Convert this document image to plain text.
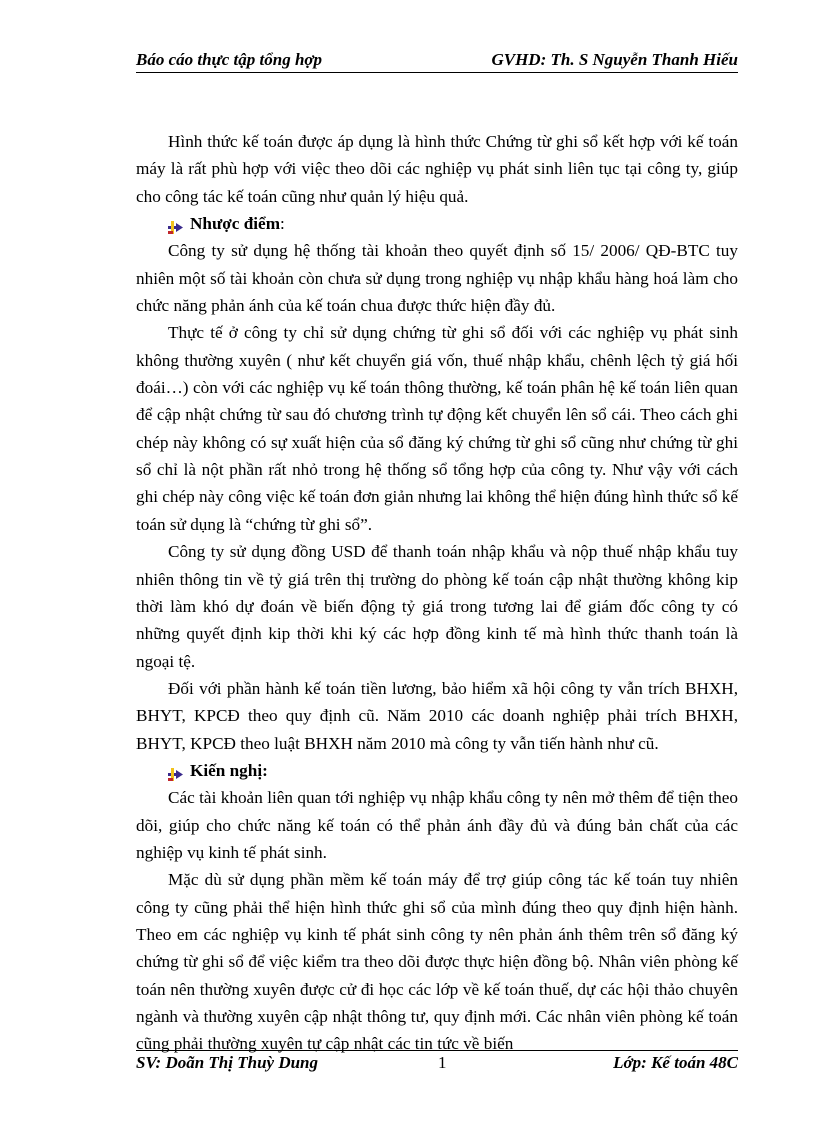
Báo cáo thực tập tổng hợp	GVHD: Th. S Nguyễn Thanh Hiếu

Hình thức kế toán được áp dụng là hình thức Chứng từ ghi sổ kết hợp với kế toán máy là rất phù hợp với việc theo dõi các nghiệp vụ phát sinh liên tục tại công ty, giúp cho công tác kế toán cũng như quản lý hiệu quả.

Nhược điểm :

Công ty sử dụng hệ thống tài khoản theo quyết định số 15/ 2006/ QĐ-BTC tuy nhiên một số tài khoản còn chưa sử dụng trong nghiệp vụ nhập khẩu hàng hoá làm cho chức năng phản ánh của kế toán chua được thức hiện đầy đủ.

Thực tế ở công ty chỉ sử dụng chứng từ ghi sổ đối với các nghiệp vụ phát sinh không thường xuyên ( như kết chuyển giá vốn, thuế nhập khẩu, chênh lệch tỷ giá hối đoái…) còn với các nghiệp vụ kế toán thông thường, kế toán phân hệ kế toán liên quan để cập nhật chứng từ sau đó chương trình tự động kết chuyển lên sổ cái. Theo cách ghi chép này không có sự xuất hiện của sổ đăng ký chứng từ ghi sổ cũng như chứng từ ghi sổ chỉ là nột phần rất nhỏ trong hệ thống sổ tổng hợp của công ty. Như vậy với cách ghi chép này công việc kế toán đơn giản nhưng lai không thể hiện đúng hình thức sổ kế toán sử dụng là “chứng từ ghi sổ”.

Công ty sử dụng đồng USD để thanh toán nhập khẩu và nộp thuế nhập khẩu tuy nhiên thông tin về tỷ giá trên thị trường do phòng kế toán cập nhật thường không kip thời làm khó dự đoán về biến động tỷ giá trong tương lai để giám đốc công ty có những quyết định kip thời khi ký các hợp đồng kinh tế mà hình thức thanh toán là ngoại tệ.

Đối với phần hành kế toán tiền lương, bảo hiểm xã hội công ty vẫn trích BHXH, BHYT, KPCĐ theo quy định cũ. Năm 2010 các doanh nghiệp phải trích BHXH, BHYT, KPCĐ theo luật BHXH năm 2010 mà công ty vẫn tiến hành như cũ.

Kiến nghị:

Các tài khoản liên quan tới nghiệp vụ nhập khẩu công ty nên mở thêm để tiện theo dõi, giúp cho chức năng kế toán có thể phản ánh đầy đủ và đúng bản chất của các nghiệp vụ kinh tế phát sinh.

Mặc dù sử dụng phần mềm kế toán máy để trợ giúp công tác kế toán tuy nhiên công ty cũng phải thể hiện hình thức ghi sổ của mình đúng theo quy định hiện hành. Theo em các nghiệp vụ kinh tế phát sinh công ty nên phản ánh thêm trên sổ đăng ký chứng từ ghi sổ để việc kiểm tra theo dõi được thực hiện đồng bộ. Nhân viên phòng kế toán nên thường xuyên được cử đi học các lớp về kế toán thuế, dự các hội thảo chuyên ngành và thường xuyên cập nhật thông tư, quy định mới. Các nhân viên phòng kế toán cũng phải thường xuyên tự cập nhật các tin tức về biến

SV: Doãn Thị Thuỳ Dung	1	Lớp: Kế toán 48C
